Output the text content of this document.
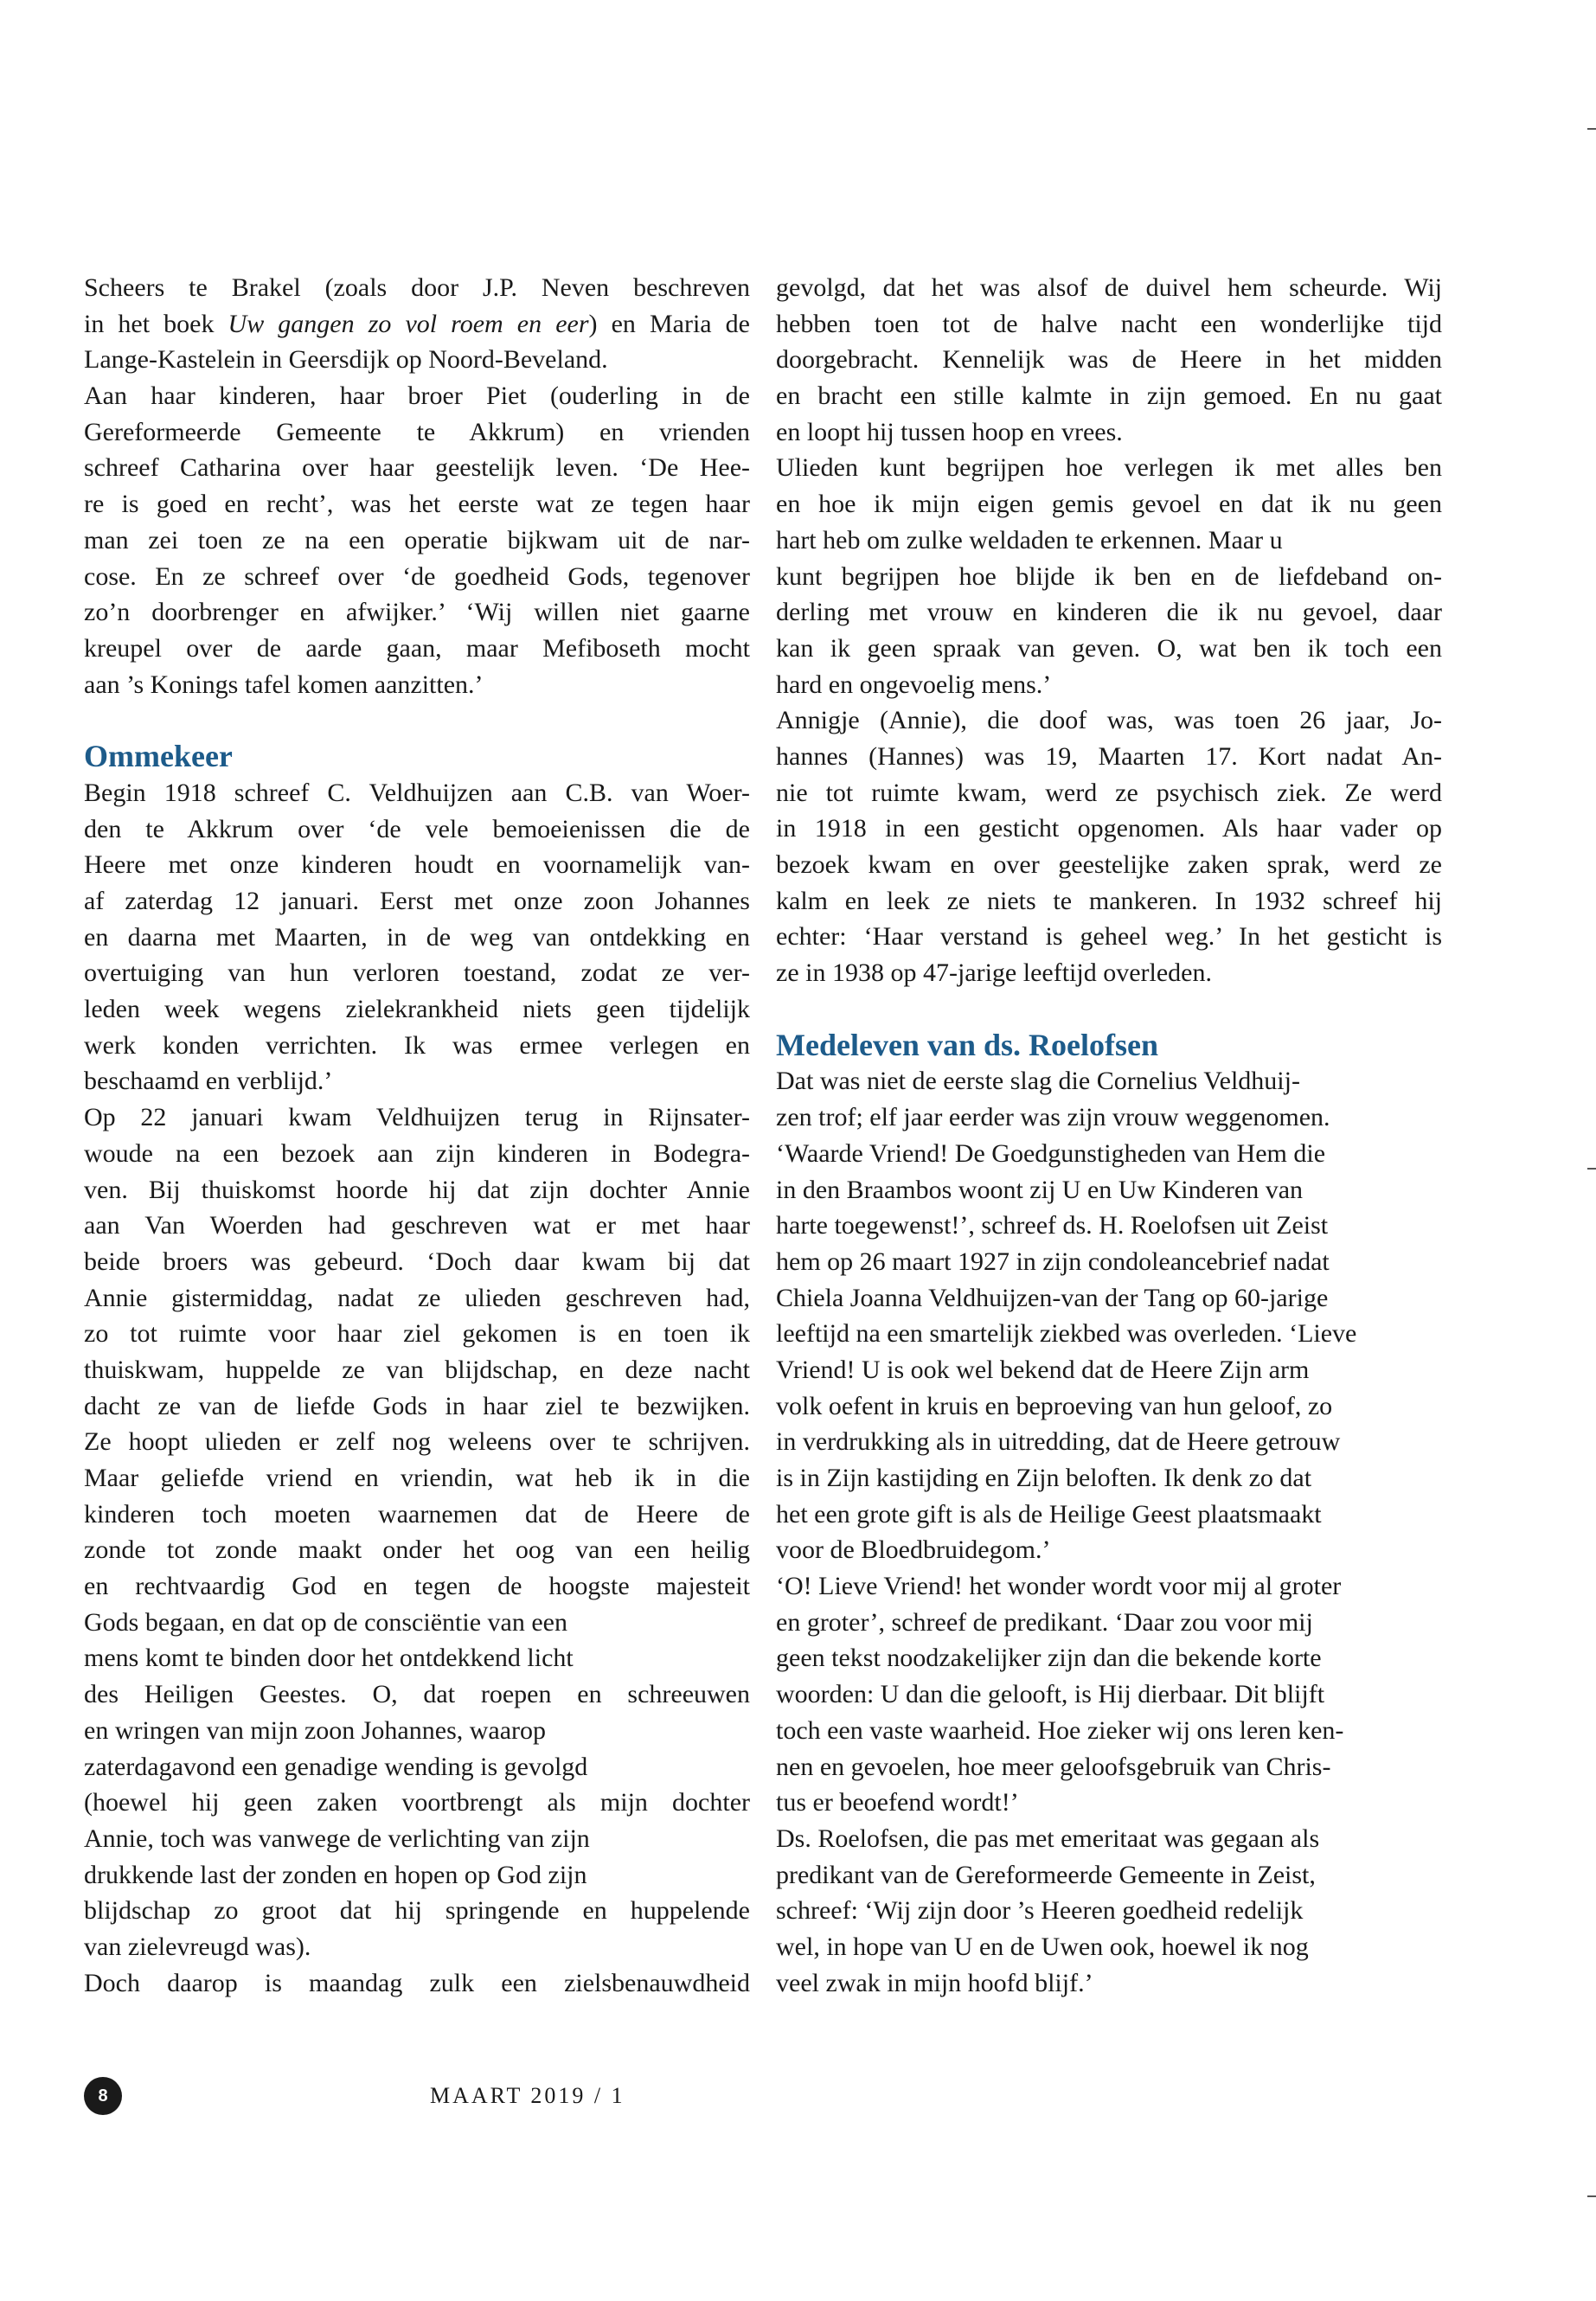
Scheers te Brakel (zoals door J.P. Neven beschreven
in het boek Uw gangen zo vol roem en eer) en Maria de
Lange-Kastelein in Geersdijk op Noord-Beveland.
Aan haar kinderen, haar broer Piet (ouderling in de
Gereformeerde Gemeente te Akkrum) en vrienden
schreef Catharina over haar geestelijk leven. ‘De Hee-
re is goed en recht’, was het eerste wat ze tegen haar
man zei toen ze na een operatie bijkwam uit de nar-
cose. En ze schreef over ‘de goedheid Gods, tegenover
zo’n doorbrenger en afwijker.’ ‘Wij willen niet gaarne
kreupel over de aarde gaan, maar Mefiboseth mocht
aan ’s Konings tafel komen aanzitten.’
Ommekeer
Begin 1918 schreef C. Veldhuijzen aan C.B. van Woer-
den te Akkrum over ‘de vele bemoeienissen die de
Heere met onze kinderen houdt en voornamelijk van-
af zaterdag 12 januari. Eerst met onze zoon Johannes
en daarna met Maarten, in de weg van ontdekking en
overtuiging van hun verloren toestand, zodat ze ver-
leden week wegens zielekrankheid niets geen tijdelijk
werk konden verrichten. Ik was ermee verlegen en
beschaamd en verblijd.’
Op 22 januari kwam Veldhuijzen terug in Rijnsater-
woude na een bezoek aan zijn kinderen in Bodegra-
ven. Bij thuiskomst hoorde hij dat zijn dochter Annie
aan Van Woerden had geschreven wat er met haar
beide broers was gebeurd. ‘Doch daar kwam bij dat
Annie gistermiddag, nadat ze ulieden geschreven had,
zo tot ruimte voor haar ziel gekomen is en toen ik
thuiskwam, huppelde ze van blijdschap, en deze nacht
dacht ze van de liefde Gods in haar ziel te bezwijken.
Ze hoopt ulieden er zelf nog weleens over te schrijven.
Maar geliefde vriend en vriendin, wat heb ik in die
kinderen toch moeten waarnemen dat de Heere de
zonde tot zonde maakt onder het oog van een heilig
en rechtvaardig God en tegen de hoogste majesteit
Gods begaan, en dat op de consciëntie van een
mens komt te binden door het ontdekkend licht
des Heiligen Geestes. O, dat roepen en schreeuwen
en wringen van mijn zoon Johannes, waarop
zaterdagavond een genadige wending is gevolgd
(hoewel hij geen zaken voortbrengt als mijn dochter
Annie, toch was vanwege de verlichting van zijn
drukkende last der zonden en hopen op God zijn
blijdschap zo groot dat hij springende en huppelende
van zielevreugd was).
Doch daarop is maandag zulk een zielsbenauwdheid
gevolgd, dat het was alsof de duivel hem scheurde. Wij
hebben toen tot de halve nacht een wonderlijke tijd
doorgebracht. Kennelijk was de Heere in het midden
en bracht een stille kalmte in zijn gemoed. En nu gaat
en loopt hij tussen hoop en vrees.
Ulieden kunt begrijpen hoe verlegen ik met alles ben
en hoe ik mijn eigen gemis gevoel en dat ik nu geen
hart heb om zulke weldaden te erkennen. Maar u
kunt begrijpen hoe blijde ik ben en de liefdeband on-
derling met vrouw en kinderen die ik nu gevoel, daar
kan ik geen spraak van geven. O, wat ben ik toch een
hard en ongevoelig mens.’
Annigje (Annie), die doof was, was toen 26 jaar, Jo-
hannes (Hannes) was 19, Maarten 17. Kort nadat An-
nie tot ruimte kwam, werd ze psychisch ziek. Ze werd
in 1918 in een gesticht opgenomen. Als haar vader op
bezoek kwam en over geestelijke zaken sprak, werd ze
kalm en leek ze niets te mankeren. In 1932 schreef hij
echter: ‘Haar verstand is geheel weg.’ In het gesticht is
ze in 1938 op 47-jarige leeftijd overleden.
Medeleven van ds. Roelofsen
Dat was niet de eerste slag die Cornelius Veldhuij-
zen trof; elf jaar eerder was zijn vrouw weggenomen.
‘Waarde Vriend! De Goedgunstigheden van Hem die
in den Braambos woont zij U en Uw Kinderen van
harte toegewenst!’, schreef ds. H. Roelofsen uit Zeist
hem op 26 maart 1927 in zijn condoleancebrief nadat
Chiela Joanna Veldhuijzen-van der Tang op 60-jarige
leeftijd na een smartelijk ziekbed was overleden. ‘Lieve
Vriend! U is ook wel bekend dat de Heere Zijn arm
volk oefent in kruis en beproeving van hun geloof, zo
in verdrukking als in uitredding, dat de Heere getrouw
is in Zijn kastijding en Zijn beloften. Ik denk zo dat
het een grote gift is als de Heilige Geest plaatsmaakt
voor de Bloedbruidegom.’
‘O! Lieve Vriend! het wonder wordt voor mij al groter
en groter’, schreef de predikant. ‘Daar zou voor mij
geen tekst noodzakelijker zijn dan die bekende korte
woorden: U dan die gelooft, is Hij dierbaar. Dit blijft
toch een vaste waarheid. Hoe zieker wij ons leren ken-
nen en gevoelen, hoe meer geloofsgebruik van Chris-
tus er beoefend wordt!’
Ds. Roelofsen, die pas met emeritaat was gegaan als
predikant van de Gereformeerde Gemeente in Zeist,
schreef: ‘Wij zijn door ’s Heeren goedheid redelijk
wel, in hope van U en de Uwen ook, hoewel ik nog
veel zwak in mijn hoofd blijf.’
8	MAART 2019 / 1
